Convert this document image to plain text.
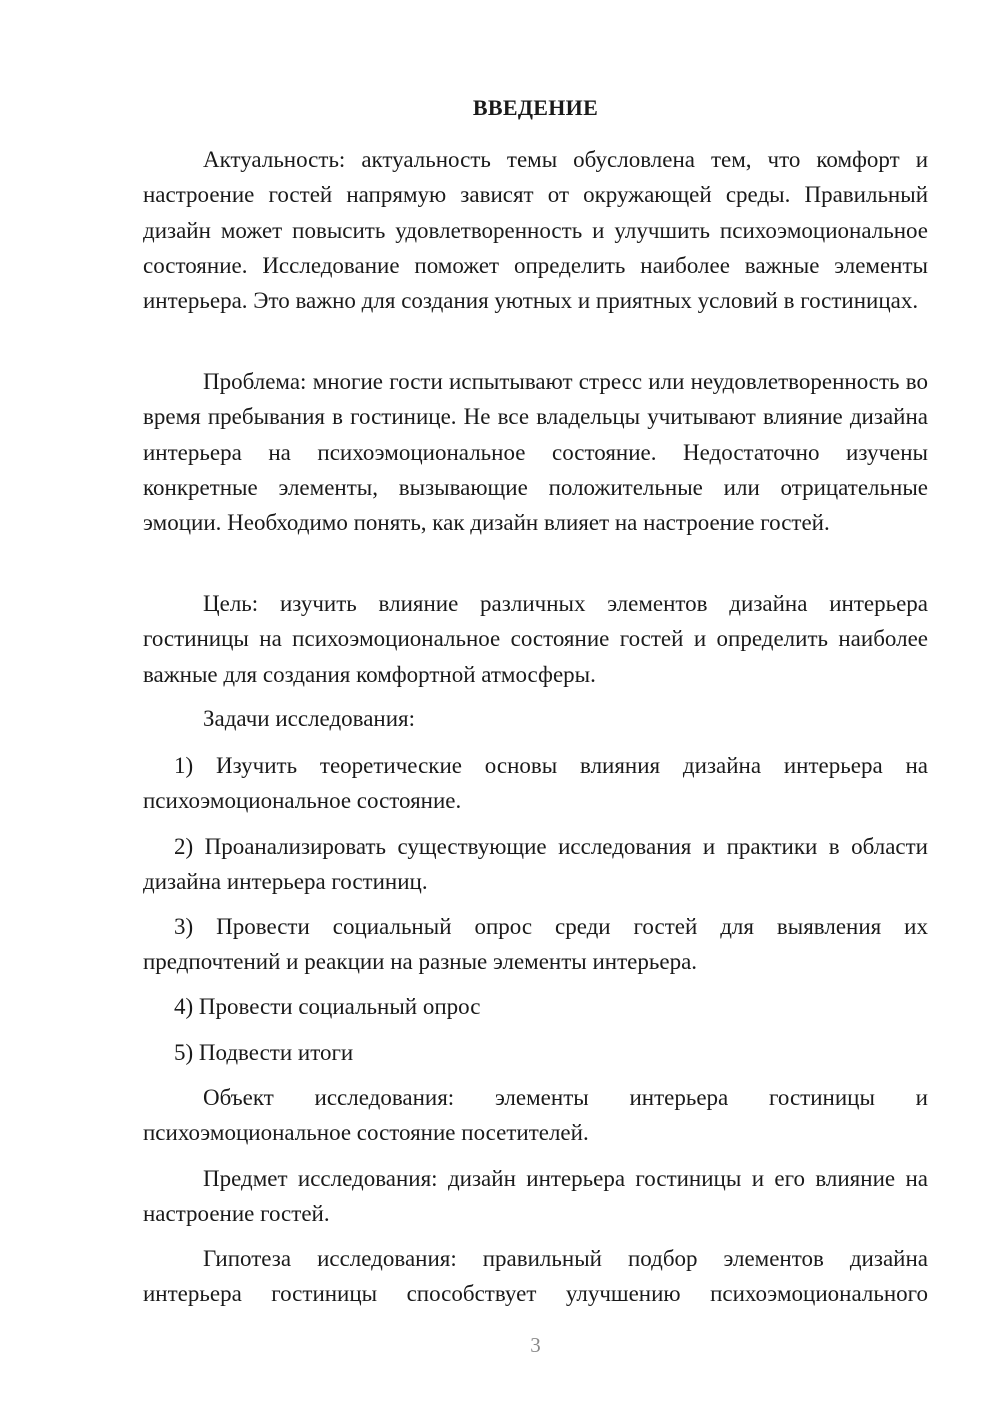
ВВЕДЕНИЕ

Актуальность: актуальность темы обусловлена тем, что комфорт и настроение гостей напрямую зависят от окружающей среды. Правильный дизайн может повысить удовлетворенность и улучшить психоэмоциональное состояние. Исследование поможет определить наиболее важные элементы интерьера. Это важно для создания уютных и приятных условий в гостиницах.

Проблема: многие гости испытывают стресс или неудовлетворенность во время пребывания в гостинице. Не все владельцы учитывают влияние дизайна интерьера на психоэмоциональное состояние. Недостаточно изучены конкретные элементы, вызывающие положительные или отрицательные эмоции. Необходимо понять, как дизайн влияет на настроение гостей.

Цель: изучить влияние различных элементов дизайна интерьера гостиницы на психоэмоциональное состояние гостей и определить наиболее важные для создания комфортной атмосферы.

Задачи исследования:

1) Изучить теоретические основы влияния дизайна интерьера на психоэмоциональное состояние.

2) Проанализировать существующие исследования и практики в области дизайна интерьера гостиниц.

3) Провести социальный опрос среди гостей для выявления их предпочтений и реакции на разные элементы интерьера.

4) Провести социальный опрос

5) Подвести итоги

Объект исследования: элементы интерьера гостиницы и психоэмоциональное состояние посетителей.

Предмет исследования: дизайн интерьера гостиницы и его влияние на настроение гостей.

Гипотеза исследования: правильный подбор элементов дизайна интерьера гостиницы способствует улучшению психоэмоционального

3
